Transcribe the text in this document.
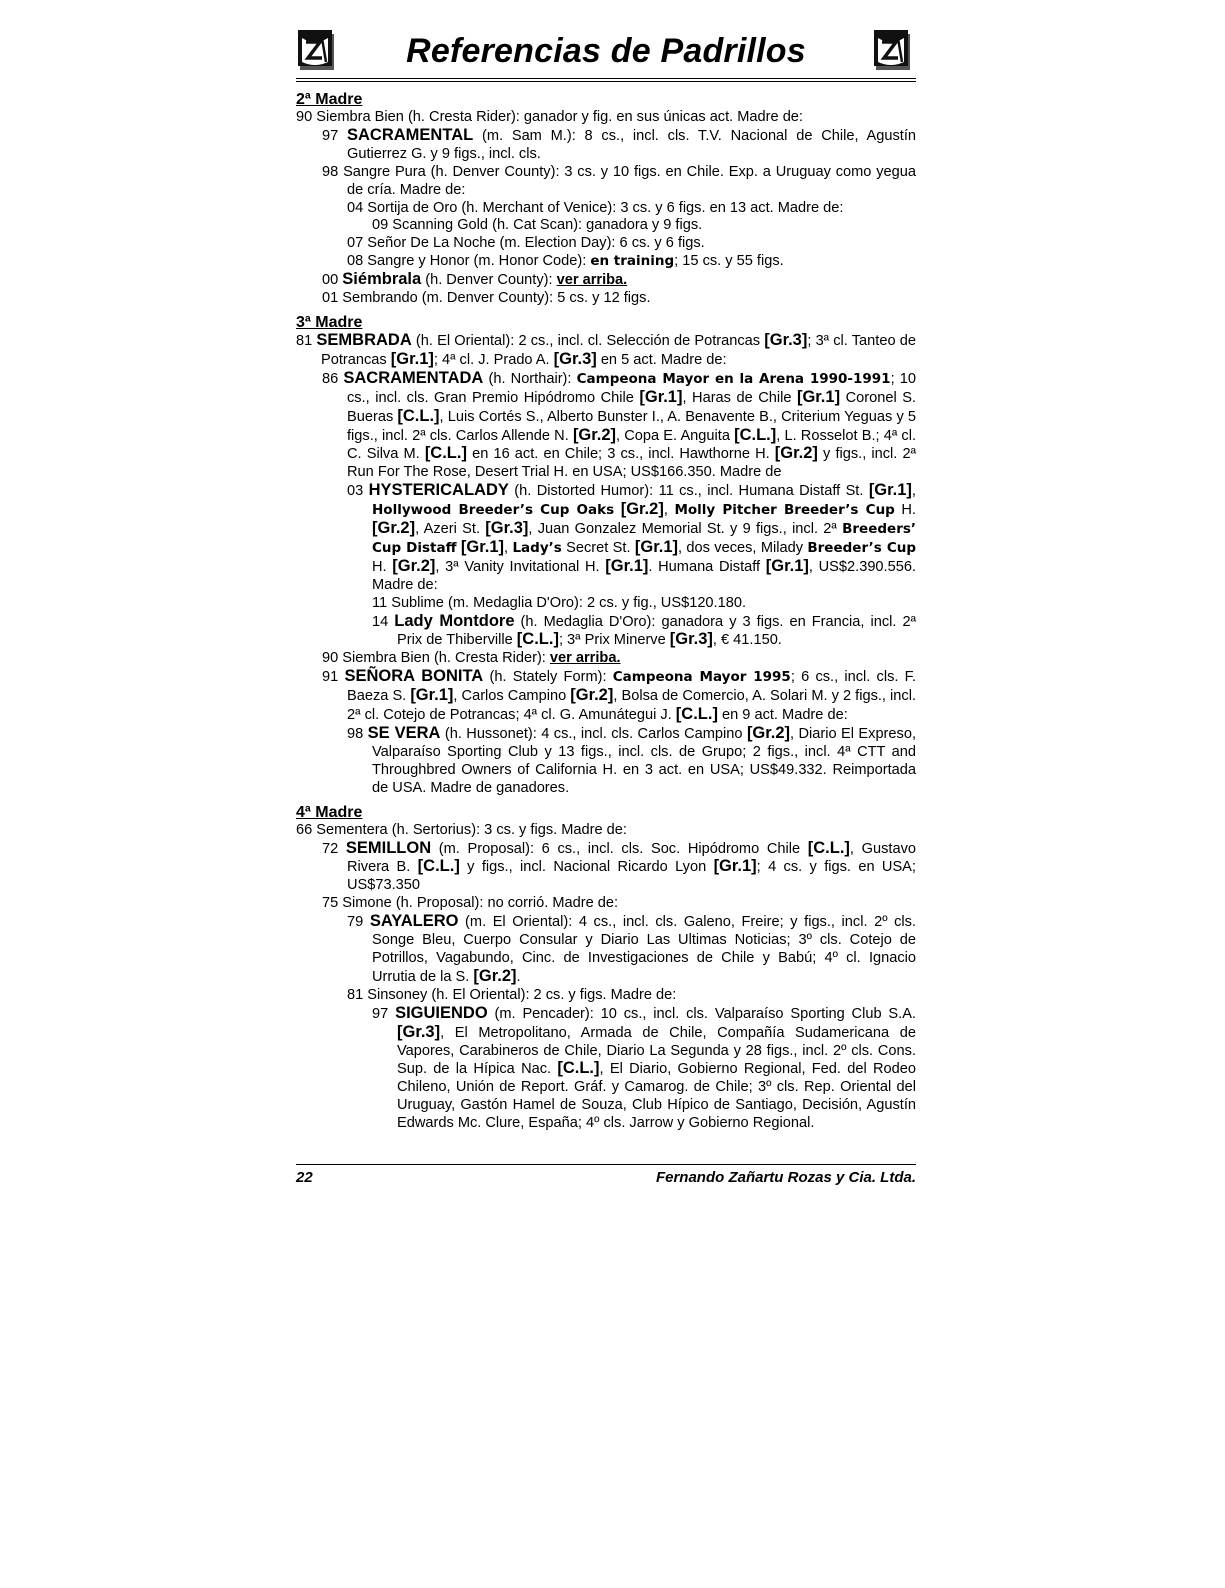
Referencias de Padrillos
2ª Madre

90 Siembra Bien (h. Cresta Rider): ganador y fig. en sus únicas act. Madre de:

97 SACRAMENTAL (m. Sam M.): 8 cs., incl. cls. T.V. Nacional de Chile, Agustín Gutierrez G. y 9 figs., incl. cls.

98 Sangre Pura (h. Denver County): 3 cs. y 10 figs. en Chile. Exp. a Uruguay como yegua de cría. Madre de:

04 Sortija de Oro (h. Merchant of Venice): 3 cs. y 6 figs. en 13 act. Madre de:

09 Scanning Gold (h. Cat Scan): ganadora y 9 figs.

07 Señor De La Noche (m. Election Day): 6 cs. y 6 figs.

08 Sangre y Honor (m. Honor Code): en training; 15 cs. y 55 figs.

00 Siémbrala (h. Denver County): ver arriba.

01 Sembrando (m. Denver County): 5 cs. y 12 figs.

3ª Madre

81 SEMBRADA (h. El Oriental): 2 cs., incl. cl. Selección de Potrancas [Gr.3]; 3ª cl. Tanteo de Potrancas [Gr.1]; 4ª cl. J. Prado A. [Gr.3] en 5 act. Madre de:

86 SACRAMENTADA (h. Northair): Campeona Mayor en la Arena 1990-1991; 10 cs., incl. cls. Gran Premio Hipódromo Chile [Gr.1], Haras de Chile [Gr.1] Coronel S. Bueras [C.L.], Luis Cortés S., Alberto Bunster I., A. Benavente B., Criterium Yeguas y 5 figs., incl. 2ª cls. Carlos Allende N. [Gr.2], Copa E. Anguita [C.L.], L. Rosselot B.; 4ª cl. C. Silva M. [C.L.] en 16 act. en Chile; 3 cs., incl. Hawthorne H. [Gr.2] y figs., incl. 2ª Run For The Rose, Desert Trial H. en USA; US$166.350. Madre de

03 HYSTERICALADY (h. Distorted Humor): 11 cs., incl. Humana Distaff St. [Gr.1], Hollywood Breeder’s Cup Oaks [Gr.2], Molly Pitcher Breeder’s Cup H. [Gr.2], Azeri St. [Gr.3], Juan Gonzalez Memorial St. y 9 figs., incl. 2ª Breeders’ Cup Distaff [Gr.1], Lady’s Secret St. [Gr.1], dos veces, Milady Breeder’s Cup H. [Gr.2], 3ª Vanity Invitational H. [Gr.1]. Humana Distaff [Gr.1], US$2.390.556. Madre de:

11 Sublime (m. Medaglia D'Oro): 2 cs. y fig., US$120.180.

14 Lady Montdore (h. Medaglia D'Oro): ganadora y 3 figs. en Francia, incl. 2ª Prix de Thiberville [C.L.]; 3ª Prix Minerve [Gr.3], € 41.150.

90 Siembra Bien (h. Cresta Rider): ver arriba.

91 SEÑORA BONITA (h. Stately Form): Campeona Mayor 1995; 6 cs., incl. cls. F. Baeza S. [Gr.1], Carlos Campino [Gr.2], Bolsa de Comercio, A. Solari M. y 2 figs., incl. 2ª cl. Cotejo de Potrancas; 4ª cl. G. Amunátegui J. [C.L.] en 9 act. Madre de:

98 SE VERA (h. Hussonet): 4 cs., incl. cls. Carlos Campino [Gr.2], Diario El Expreso, Valparaíso Sporting Club y 13 figs., incl. cls. de Grupo; 2 figs., incl. 4ª CTT and Throughbred Owners of California H. en 3 act. en USA; US$49.332. Reimportada de USA. Madre de ganadores.

4ª Madre

66 Sementera (h. Sertorius): 3 cs. y figs. Madre de:

72 SEMILLON (m. Proposal): 6 cs., incl. cls. Soc. Hipódromo Chile [C.L.], Gustavo Rivera B. [C.L.] y figs., incl. Nacional Ricardo Lyon [Gr.1]; 4 cs. y figs. en USA; US$73.350

75 Simone (h. Proposal): no corrió. Madre de:

79 SAYALERO (m. El Oriental): 4 cs., incl. cls. Galeno, Freire; y figs., incl. 2º cls. Songe Bleu, Cuerpo Consular y Diario Las Ultimas Noticias; 3º cls. Cotejo de Potrillos, Vagabundo, Cinc. de Investigaciones de Chile y Babú; 4º cl. Ignacio Urrutia de la S. [Gr.2].

81 Sinsoney (h. El Oriental): 2 cs. y figs. Madre de:

97 SIGUIENDO (m. Pencader): 10 cs., incl. cls. Valparaíso Sporting Club S.A. [Gr.3], El Metropolitano, Armada de Chile, Compañía Sudamericana de Vapores, Carabineros de Chile, Diario La Segunda y 28 figs., incl. 2º cls. Cons. Sup. de la Hípica Nac. [C.L.], El Diario, Gobierno Regional, Fed. del Rodeo Chileno, Unión de Report. Gráf. y Camarog. de Chile; 3º cls. Rep. Oriental del Uruguay, Gastón Hamel de Souza, Club Hípico de Santiago, Decisión, Agustín Edwards Mc. Clure, España; 4º cls. Jarrow y Gobierno Regional.

22	Fernando Zañartu Rozas y Cia. Ltda.
